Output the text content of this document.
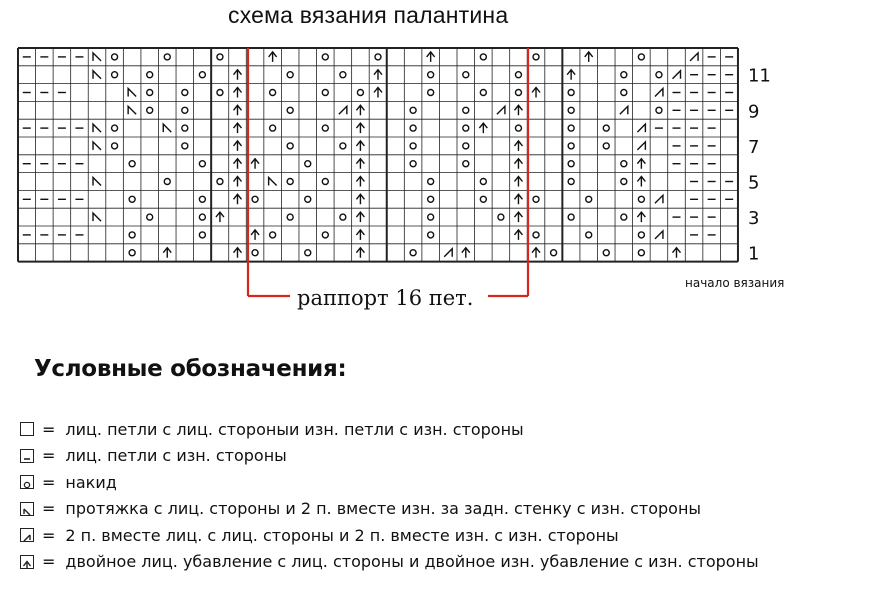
схема вязания палантина
11
9
7
5
3
1
раппорт 16 пет.
начало вязания
Условные обозначения:
= лиц. петли с лиц. стороныи изн. петли с изн. стороны
= лиц. петли с изн. стороны
= накид
= протяжка с лиц. стороны и 2 п. вместе изн. за задн. стенку с изн. стороны
= 2 п. вместе лиц. с лиц. стороны и 2 п. вместе изн. с изн. стороны
= двойное лиц. убавление с лиц. стороны и двойное изн. убавление с изн. стороны
